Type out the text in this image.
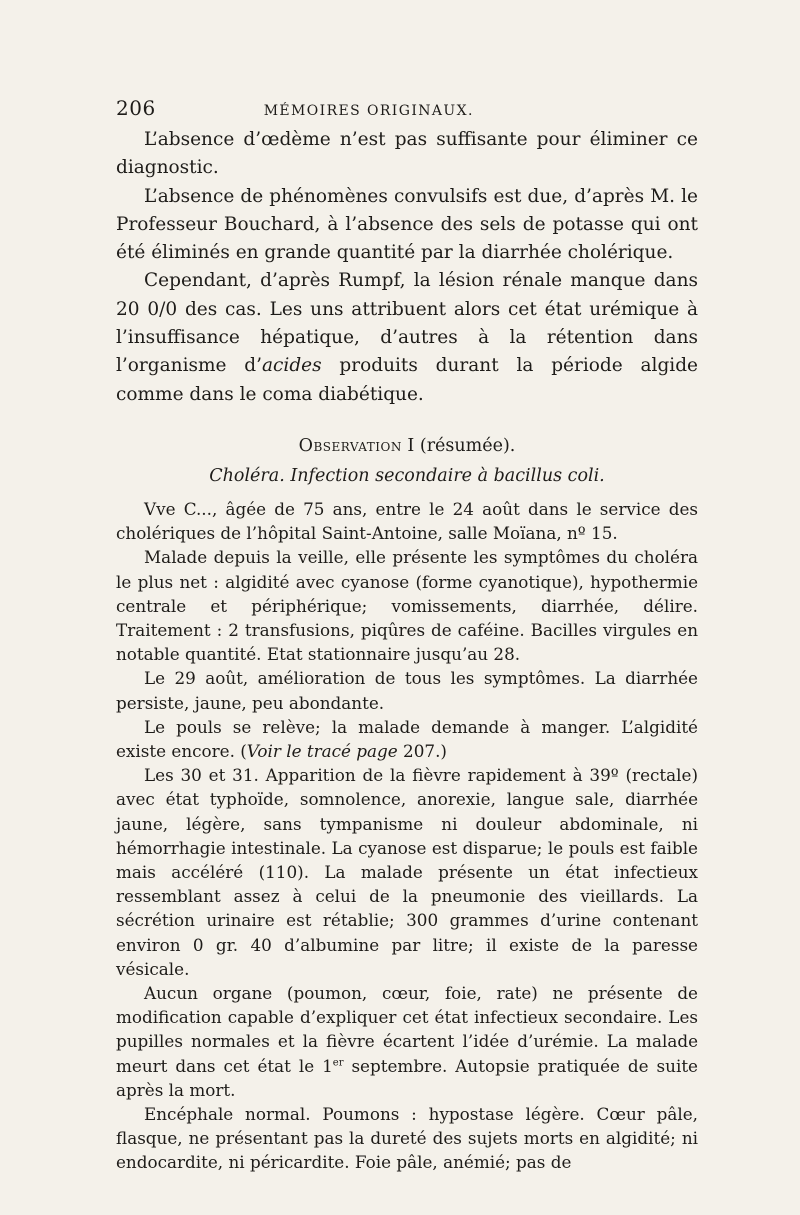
206	MÉMOIRES ORIGINAUX.

L’absence d’œdème n’est pas suffisante pour éliminer ce diagnostic.

L’absence de phénomènes convulsifs est due, d’après M. le Professeur Bouchard, à l’absence des sels de potasse qui ont été éliminés en grande quantité par la diarrhée cholérique.

Cependant, d’après Rumpf, la lésion rénale manque dans 20 0/0 des cas. Les uns attribuent alors cet état urémique à l’insuffisance hépatique, d’autres à la rétention dans l’organisme d’acides produits durant la période algide comme dans le coma diabétique.

Observation I (résumée).
Choléra. Infection secondaire à bacillus coli.

Vve C..., âgée de 75 ans, entre le 24 août dans le service des cholériques de l’hôpital Saint-Antoine, salle Moïana, nº 15.

Malade depuis la veille, elle présente les symptômes du choléra le plus net : algidité avec cyanose (forme cyanotique), hypothermie centrale et périphérique; vomissements, diarrhée, délire. Traitement : 2 transfusions, piqûres de caféine. Bacilles virgules en notable quantité. Etat stationnaire jusqu’au 28.

Le 29 août, amélioration de tous les symptômes. La diarrhée persiste, jaune, peu abondante.

Le pouls se relève; la malade demande à manger. L’algidité existe encore. (Voir le tracé page 207.)

Les 30 et 31. Apparition de la fièvre rapidement à 39º (rectale) avec état typhoïde, somnolence, anorexie, langue sale, diarrhée jaune, légère, sans tympanisme ni douleur abdominale, ni hémorrhagie intestinale. La cyanose est disparue; le pouls est faible mais accéléré (110). La malade présente un état infectieux ressemblant assez à celui de la pneumonie des vieillards. La sécrétion urinaire est rétablie; 300 grammes d’urine contenant environ 0 gr. 40 d’albumine par litre; il existe de la paresse vésicale.

Aucun organe (poumon, cœur, foie, rate) ne présente de modification capable d’expliquer cet état infectieux secondaire. Les pupilles normales et la fièvre écartent l’idée d’urémie. La malade meurt dans cet état le 1er septembre. Autopsie pratiquée de suite après la mort.

Encéphale normal. Poumons : hypostase légère. Cœur pâle, flasque, ne présentant pas la dureté des sujets morts en algidité; ni endocardite, ni péricardite. Foie pâle, anémié; pas de
